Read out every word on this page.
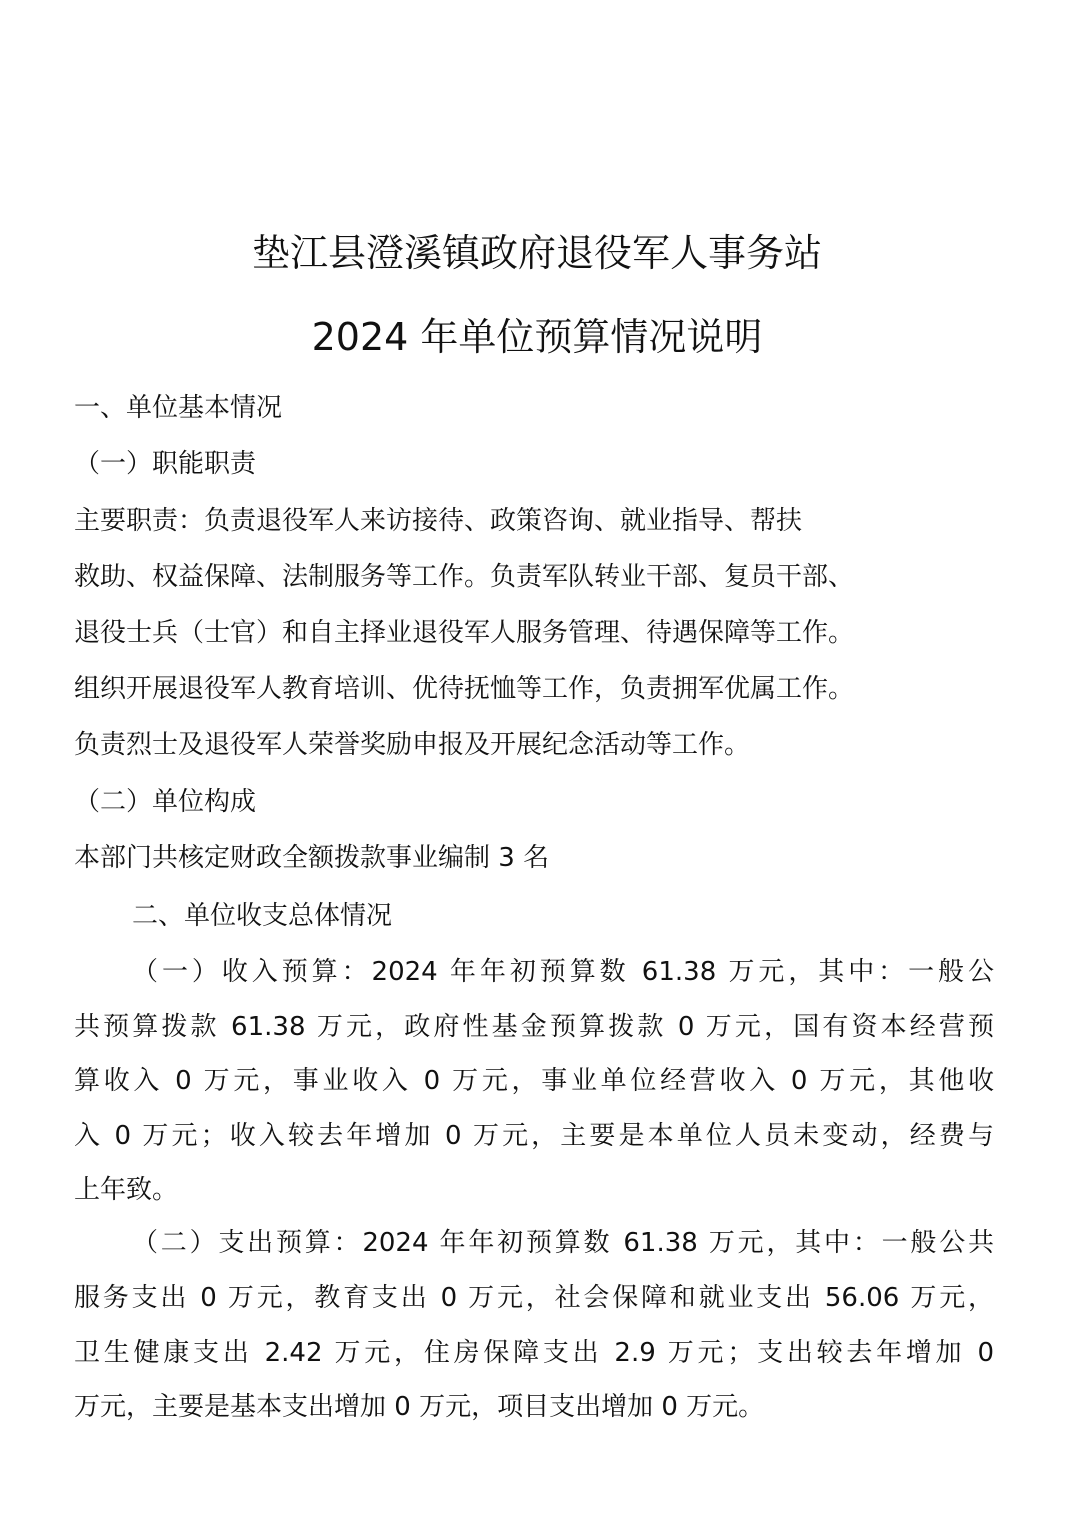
垫江县澄溪镇政府退役军人事务站
2024 年单位预算情况说明
一、单位基本情况
（一）职能职责
主要职责：负责退役军人来访接待、政策咨询、就业指导、帮扶
救助、权益保障、法制服务等工作。负责军队转业干部、复员干部、
退役士兵（士官）和自主择业退役军人服务管理、待遇保障等工作。
组织开展退役军人教育培训、优待抚恤等工作，负责拥军优属工作。
负责烈士及退役军人荣誉奖励申报及开展纪念活动等工作。
（二）单位构成
本部门共核定财政全额拨款事业编制 3 名
二、单位收支总体情况
（一）收入预算：2024 年年初预算数 61.38 万元，其中：一般公
共预算拨款 61.38 万元，政府性基金预算拨款 0 万元，国有资本经营预
算收入 0 万元，事业收入 0 万元，事业单位经营收入 0 万元，其他收
入 0 万元；收入较去年增加 0 万元，主要是本单位人员未变动，经费与
上年致。
（二）支出预算：2024 年年初预算数 61.38 万元，其中：一般公共
服务支出 0 万元，教育支出 0 万元，社会保障和就业支出 56.06 万元，
卫生健康支出 2.42 万元，住房保障支出 2.9 万元；支出较去年增加 0
万元，主要是基本支出增加 0 万元，项目支出增加 0 万元。
